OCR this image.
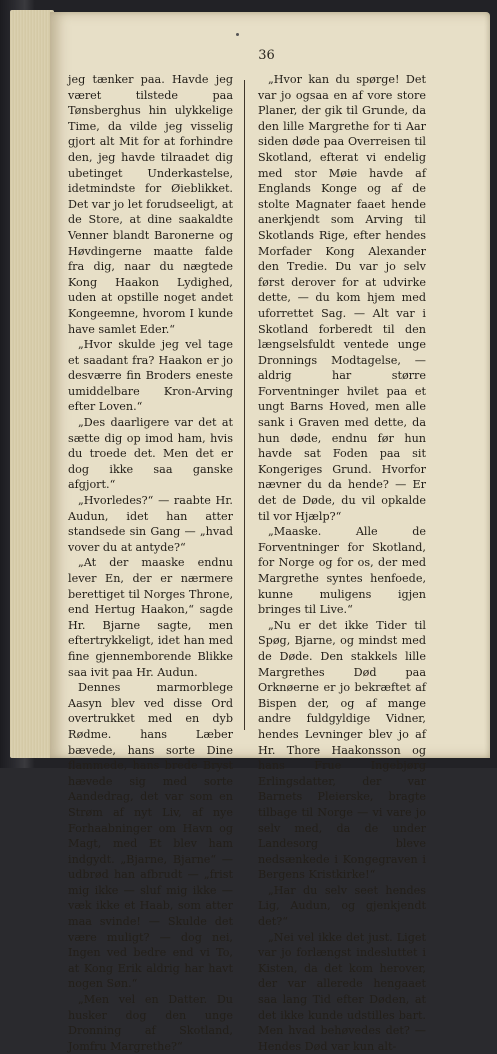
36

jeg tænker paa. Havde jeg været tilstede paa Tønsberghus hin ulykkelige Time, da vilde jeg visselig gjort alt Mit for at forhindre den, jeg havde tilraadet dig ubetinget Underkastelse, idetmindste for Øieblikket. Det var jo let forudseeligt, at de Store, at dine saakaldte Venner blandt Baronerne og Høvdingerne maatte falde fra dig, naar du nægtede Kong Haakon Lydighed, uden at opstille noget andet Kongeemne, hvorom I kunde have samlet Eder.“

„Hvor skulde jeg vel tage et saadant fra? Haakon er jo desværre fin Broders eneste umiddelbare Kron-Arving efter Loven.“

„Des daarligere var det at sætte dig op imod ham, hvis du troede det. Men det er dog ikke saa ganske afgjort.“

„Hvorledes?“ — raabte Hr. Audun, idet han atter standsede sin Gang — „hvad vover du at antyde?“

„At der maaske endnu lever En, der er nærmere berettiget til Norges Throne, end Hertug Haakon,“ sagde Hr. Bjarne sagte, men eftertrykkeligt, idet han med fine gjennemborende Blikke saa ivit paa Hr. Audun.

Dennes marmorblege Aasyn blev ved disse Ord overtrukket med en dyb Rødme. hans Læber bævede, hans sorte Dine flammede, hans brede Bryst hævede sig med sorte Aandedrag, det var som en Strøm af nyt Liv, af nye Forhaabninger om Havn og Magt, med Et blev ham indgydt. „Bjarne, Bjarne“ — udbrød han afbrudt — „frist mig ikke — sluf mig ikke — væk ikke et Haab, som atter maa svinde! — Skulde det være muligt? — dog nei, Ingen ved bedre end vi To, at Kong Erik aldrig har havt nogen Søn.“

„Men vel en Datter. Du husker dog den unge Dronning af Skotland, Jomfru Margrethe?“

„Hvor kan du spørge! Det var jo ogsaa en af vore store Planer, der gik til Grunde, da den lille Margrethe for ti Aar siden døde paa Overreisen til Skotland, efterat vi endelig med stor Møie havde af Englands Konge og af de stolte Magnater faaet hende anerkjendt som Arving til Skotlands Rige, efter hendes Morfader Kong Alexander den Tredie. Du var jo selv først derover for at udvirke dette, — du kom hjem med uforrettet Sag. — Alt var i Skotland forberedt til den længselsfuldt ventede unge Dronnings Modtagelse, — aldrig har større Forventninger hvilet paa et ungt Barns Hoved, men alle sank i Graven med dette, da hun døde, endnu før hun havde sat Foden paa sit Kongeriges Grund. Hvorfor nævner du da hende? — Er det de Døde, du vil opkalde til vor Hjælp?“

„Maaske. Alle de Forventninger for Skotland, for Norge og for os, der med Margrethe syntes henfoede, kunne muligens igjen bringes til Live.“

„Nu er det ikke Tider til Spøg, Bjarne, og mindst med de Døde. Den stakkels lille Margrethes Død paa Orknøerne er jo bekræftet af Bispen der, og af mange andre fuldgyldige Vidner, hendes Levninger blev jo af Hr. Thore Haakonsson og hans Frue Ingebjørg Erlingsdatter, der var Barnets Pleierske, bragte tilbage til Norge — vi vare jo selv med, da de under Landesorg bleve nedsænkede i Kongegraven i Bergens Kristkirke!“

„Har du selv seet hendes Lig, Audun, og gjenkjendt det?“

„Nei vel ikke det just. Liget var jo forlængst indesluttet i Kisten, da det kom herover, der var allerede hengaaet saa lang Tid efter Døden, at det ikke kunde udstilles bart. Men hvad behøvedes det? — Hendes Død var kun alt-
